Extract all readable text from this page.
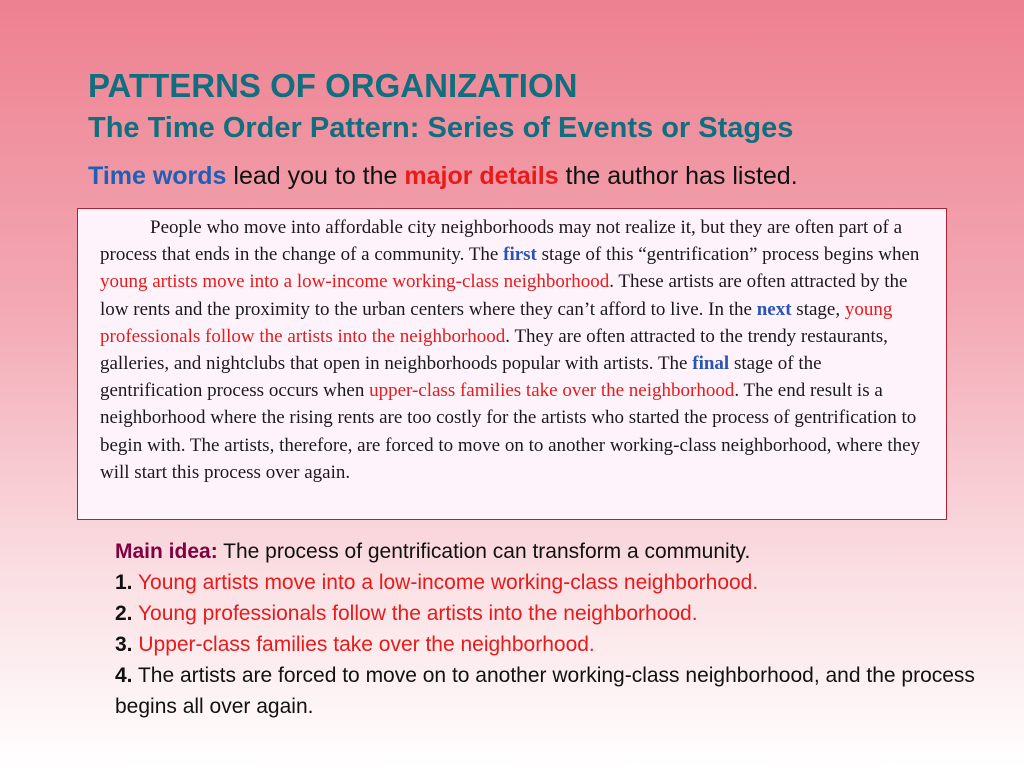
PATTERNS OF ORGANIZATION
The Time Order Pattern: Series of Events or Stages

Time words lead you to the major details the author has listed.

People who move into affordable city neighborhoods may not realize it, but they are often part of a process that ends in the change of a community. The first stage of this “gentrification” process begins when young artists move into a low-income working-class neighborhood. These artists are often attracted by the low rents and the proximity to the urban centers where they can’t afford to live. In the next stage, young professionals follow the artists into the neighborhood. They are often attracted to the trendy restaurants, galleries, and nightclubs that open in neighborhoods popular with artists. The final stage of the gentrification process occurs when upper-class families take over the neighborhood. The end result is a neighborhood where the rising rents are too costly for the artists who started the process of gentrification to begin with. The artists, therefore, are forced to move on to another working-class neighborhood, where they will start this process over again.

Main idea: The process of gentrification can transform a community.

1. Young artists move into a low-income working-class neighborhood.

2. Young professionals follow the artists into the neighborhood.

3. Upper-class families take over the neighborhood.

4. The artists are forced to move on to another working-class neighborhood, and the process begins all over again.
